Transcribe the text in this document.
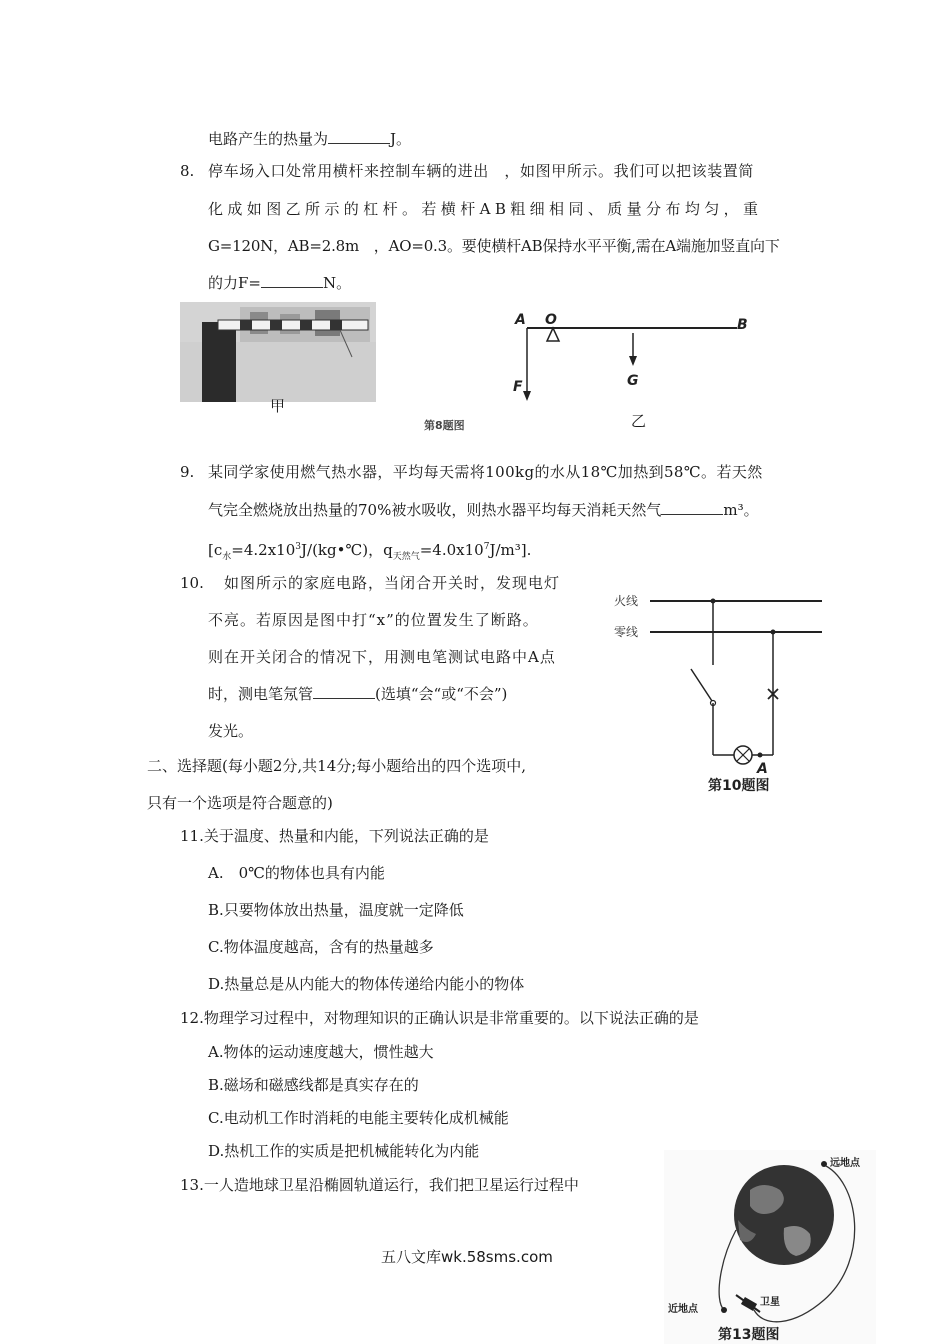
电路产生的热量为	J。
8. 停车场入口处常用横杆来控制车辆的进出　，如图甲所示。我们可以把该装置简
化成如图乙所示的杠杆。若横杆AB粗细相同、质量分布均匀，重
G=120N，AB=2.8m　，AO=0.3。要使横杆AB保持水平平衡,需在A端施加竖直向下
的力F=	N。
甲
第8题图
A O	B
F	G
乙
9. 某同学家使用燃气热水器，平均每天需将100kg的水从18℃加热到58℃。若天然
气完全燃烧放出热量的70%被水吸收，则热水器平均每天消耗天然气	m³。
[$c_水=4.2x10^3J/(kg•℃)$，$q_{天然气}=4.0x10^7J/m^3$].
10. 如图所示的家庭电路，当闭合开关时，发现电灯
不亮。若原因是图中打“x”的位置发生了断路。
则在开关闭合的情况下，用测电笔测试电路中A点
时，测电笔氖管	(选填“会“或“不会”)
发光。
火线
零线
A
第10题图
二、选择题(每小题2分,共14分;每小题给出的四个选项中,
只有一个选项是符合题意的)
11.关于温度、热量和内能，下列说法正确的是
A.　0℃的物体也具有内能
B.只要物体放出热量，温度就一定降低
C.物体温度越高，含有的热量越多
D.热量总是从内能大的物体传递给内能小的物体
12.物理学习过程中，对物理知识的正确认识是非常重要的。以下说法正确的是
A.物体的运动速度越大，惯性越大
B.磁场和磁感线都是真实存在的
C.电动机工作时消耗的电能主要转化成机械能
D.热机工作的实质是把机械能转化为内能
13.一人造地球卫星沿椭圆轨道运行，我们把卫星运行过程中
远地点
近地点
卫星
第13题图
五八文库wk.58sms.com
